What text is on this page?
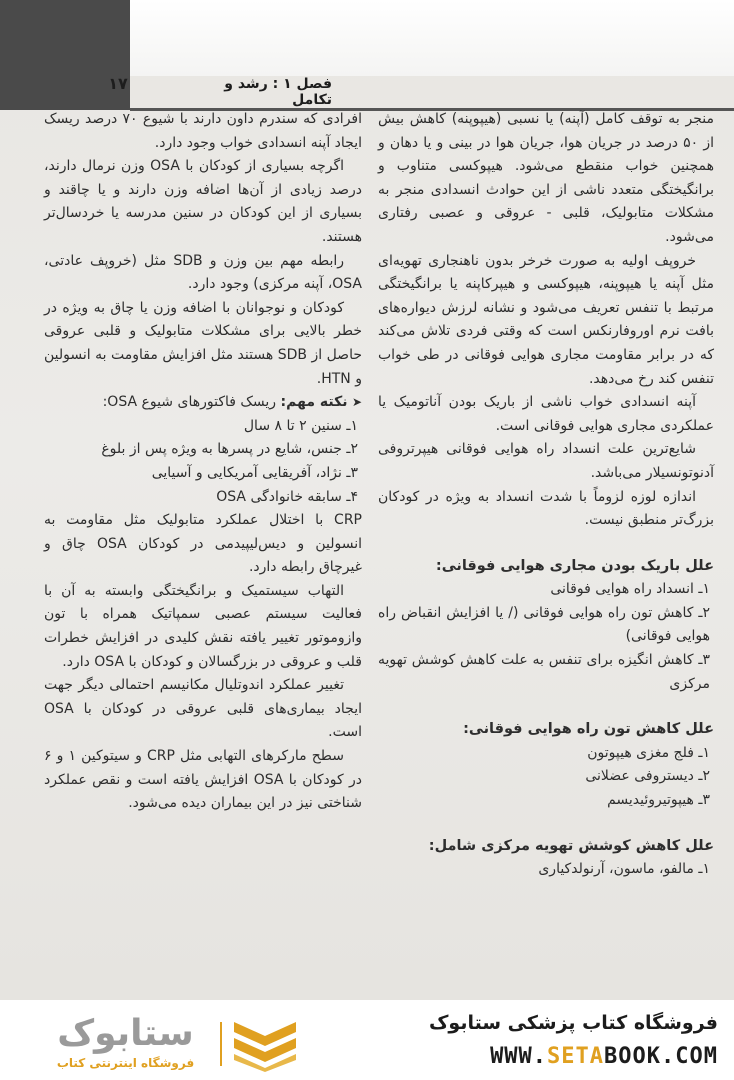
۱۷	فصل ۱ : رشد و تکامل

منجر به توقف کامل (آپنه) یا نسبی (هیپوپنه) کاهش بیش از ۵۰ درصد در جریان هوا، جریان هوا در بینی و یا دهان و همچنین خواب منقطع می‌شود. هیپوکسی متناوب و برانگیختگی متعدد ناشی از این حوادث انسدادی منجر به مشکلات متابولیک، قلبی - عروقی و عصبی رفتاری می‌شود.

خروپف اولیه به صورت خرخر بدون ناهنجاری تهویه‌ای مثل آپنه یا هیپوپنه، هیپوکسی و هیپرکاپنه یا برانگیختگی مرتبط با تنفس تعریف می‌شود و نشانه لرزش دیواره‌های بافت نرم اوروفارنکس است که وقتی فردی تلاش می‌کند که در برابر مقاومت مجاری هوایی فوقانی در طی خواب تنفس کند رخ می‌دهد.

آپنه انسدادی خواب ناشی از باریک بودن آناتومیک یا عملکردی مجاری هوایی فوقانی است.

شایع‌ترین علت انسداد راه هوایی فوقانی هیپرتروفی آدنوتونسیلار می‌باشد.

اندازه لوزه لزوماً با شدت انسداد به ویژه در کودکان بزرگ‌تر منطبق نیست.

علل باریک بودن مجاری هوایی فوقانی:

۱ـ انسداد راه هوایی فوقانی
۲ـ کاهش تون راه هوایی فوقانی (/ یا افزایش انقباض راه هوایی فوقانی)
۳ـ کاهش انگیزه برای تنفس به علت کاهش کوشش تهویه مرکزی

علل کاهش تون راه هوایی فوقانی:

۱ـ فلج مغزی هیپوتون
۲ـ دیستروفی عضلانی
۳ـ هیپوتیروئیدیسم

علل کاهش کوشش تهویه مرکزی شامل:

۱ـ مالفو، ماسون، آرنولدکیاری

افرادی که سندرم داون دارند با شیوع ۷۰ درصد ریسک ایجاد آپنه انسدادی خواب وجود دارد.

اگرچه بسیاری از کودکان با OSA وزن نرمال دارند، درصد زیادی از آن‌ها اضافه وزن دارند و یا چاقند و بسیاری از این کودکان در سنین مدرسه یا خردسال‌تر هستند.

رابطه مهم بین وزن و SDB مثل (خروپف عادتی، OSA، آپنه مرکزی) وجود دارد.

کودکان و نوجوانان با اضافه وزن یا چاق به ویژه در خطر بالایی برای مشکلات متابولیک و قلبی عروقی حاصل از SDB هستند مثل افزایش مقاومت به انسولین و HTN.

➤ نکته مهم: ریسک فاکتورهای شیوع OSA:

۱ـ سنین ۲ تا ۸ سال
۲ـ جنس، شایع در پسرها به ویژه پس از بلوغ
۳ـ نژاد، آفریقایی آمریکایی و آسیایی
۴ـ سابقه خانوادگی OSA

CRP با اختلال عملکرد متابولیک مثل مقاومت به انسولین و دیس‌لیپیدمی در کودکان OSA چاق و غیرچاق رابطه دارد.

التهاب سیستمیک و برانگیختگی وابسته به آن با فعالیت سیستم عصبی سمپاتیک همراه با تون وازوموتور تغییر یافته نقش کلیدی در افزایش خطرات قلب و عروقی در بزرگسالان و کودکان با OSA دارد.

تغییر عملکرد اندوتلیال مکانیسم احتمالی دیگر جهت ایجاد بیماری‌های قلبی عروقی در کودکان با OSA است.

سطح مارکرهای التهابی مثل CRP و سیتوکین ۱ و ۶ در کودکان با OSA افزایش یافته است و نقص عملکرد شناختی نیز در این بیماران دیده می‌شود.

ستابوک
فروشگاه اینترنتی کتاب
فروشگاه کتاب پزشکی ستابوک
WWW.SETABOOK.COM
